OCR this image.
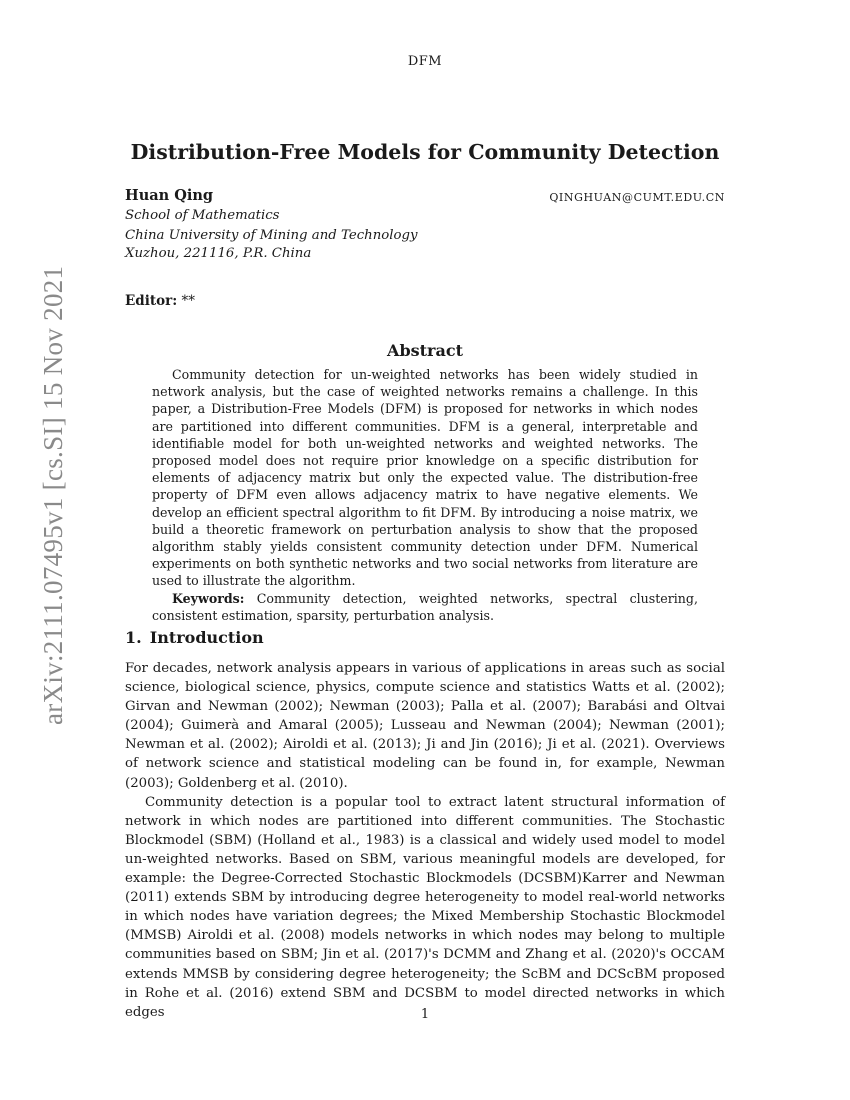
DFM
arXiv:2111.07495v1 [cs.SI] 15 Nov 2021
Distribution-Free Models for Community Detection
Huan Qing	QINGHUAN@CUMT.EDU.CN
School of Mathematics
China University of Mining and Technology
Xuzhou, 221116, P.R. China
Editor: **
Abstract

Community detection for un-weighted networks has been widely studied in network analysis, but the case of weighted networks remains a challenge. In this paper, a Distribution-Free Models (DFM) is proposed for networks in which nodes are partitioned into different communities. DFM is a general, interpretable and identifiable model for both un-weighted networks and weighted networks. The proposed model does not require prior knowledge on a specific distribution for elements of adjacency matrix but only the expected value. The distribution-free property of DFM even allows adjacency matrix to have negative elements. We develop an efficient spectral algorithm to fit DFM. By introducing a noise matrix, we build a theoretic framework on perturbation analysis to show that the proposed algorithm stably yields consistent community detection under DFM. Numerical experiments on both synthetic networks and two social networks from literature are used to illustrate the algorithm.

Keywords: Community detection, weighted networks, spectral clustering, consistent estimation, sparsity, perturbation analysis.

1. Introduction

For decades, network analysis appears in various of applications in areas such as social science, biological science, physics, compute science and statistics Watts et al. (2002); Girvan and Newman (2002); Newman (2003); Palla et al. (2007); Barabási and Oltvai (2004); Guimerà and Amaral (2005); Lusseau and Newman (2004); Newman (2001); Newman et al. (2002); Airoldi et al. (2013); Ji and Jin (2016); Ji et al. (2021). Overviews of network science and statistical modeling can be found in, for example, Newman (2003); Goldenberg et al. (2010).

Community detection is a popular tool to extract latent structural information of network in which nodes are partitioned into different communities. The Stochastic Blockmodel (SBM) (Holland et al., 1983) is a classical and widely used model to model un-weighted networks. Based on SBM, various meaningful models are developed, for example: the Degree-Corrected Stochastic Blockmodels (DCSBM)Karrer and Newman (2011) extends SBM by introducing degree heterogeneity to model real-world networks in which nodes have variation degrees; the Mixed Membership Stochastic Blockmodel (MMSB) Airoldi et al. (2008) models networks in which nodes may belong to multiple communities based on SBM; Jin et al. (2017)'s DCMM and Zhang et al. (2020)'s OCCAM extends MMSB by considering degree heterogeneity; the ScBM and DCScBM proposed in Rohe et al. (2016) extend SBM and DCSBM to model directed networks in which edges	1
